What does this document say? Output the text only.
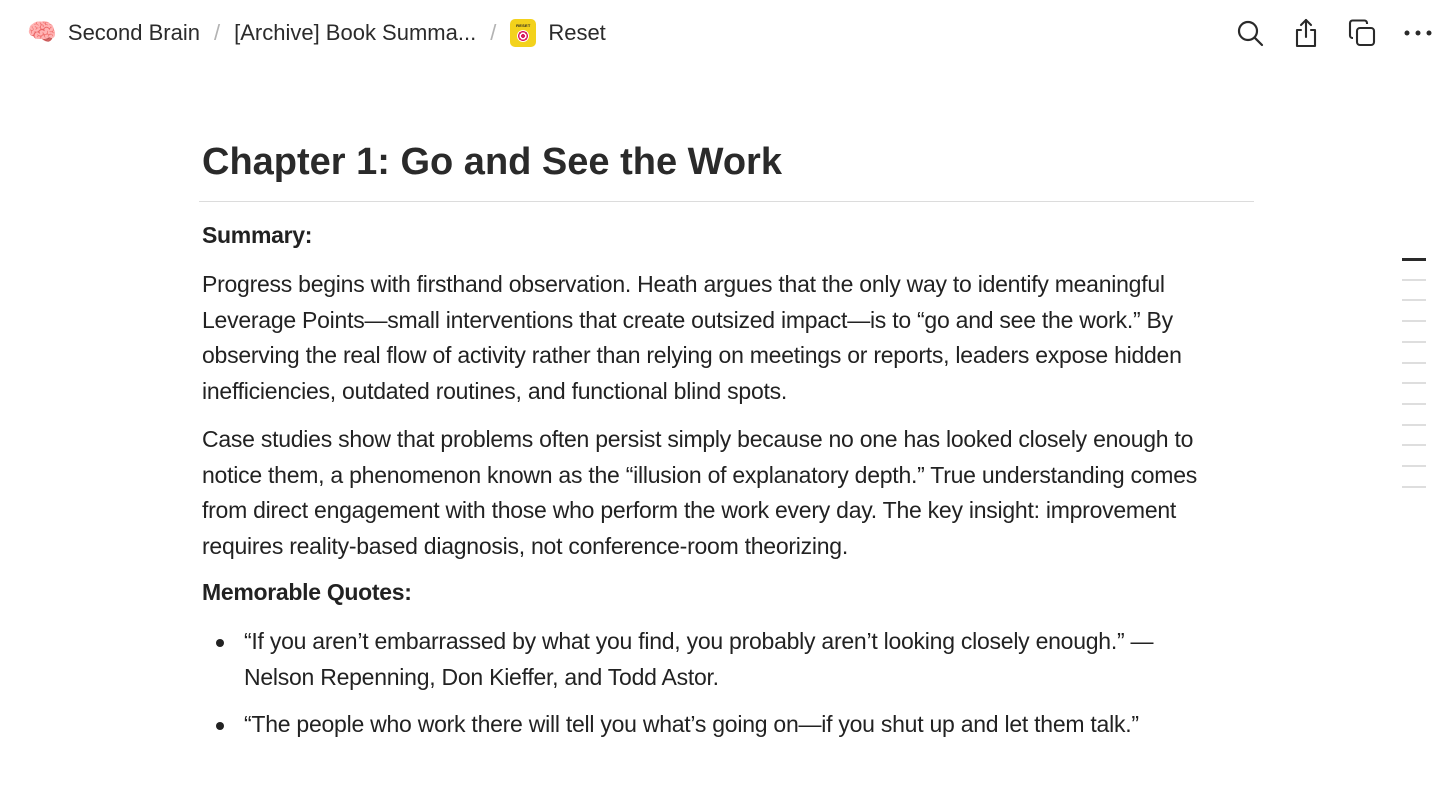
🧠 Second Brain / [Archive] Book Summa... /	RESET Reset
Chapter 1: Go and See the Work
Summary:
Progress begins with firsthand observation. Heath argues that the only way to identify meaningful Leverage Points—small interventions that create outsized impact—is to “go and see the work.” By observing the real flow of activity rather than relying on meetings or reports, leaders expose hidden inefficiencies, outdated routines, and functional blind spots.
Case studies show that problems often persist simply because no one has looked closely enough to notice them, a phenomenon known as the “illusion of explanatory depth.” True understanding comes from direct engagement with those who perform the work every day. The key insight: improvement requires reality-based diagnosis, not conference-room theorizing.
Memorable Quotes:
“If you aren’t embarrassed by what you find, you probably aren’t looking closely enough.” — Nelson Repenning, Don Kieffer, and Todd Astor.
“The people who work there will tell you what’s going on—if you shut up and let them talk.”
